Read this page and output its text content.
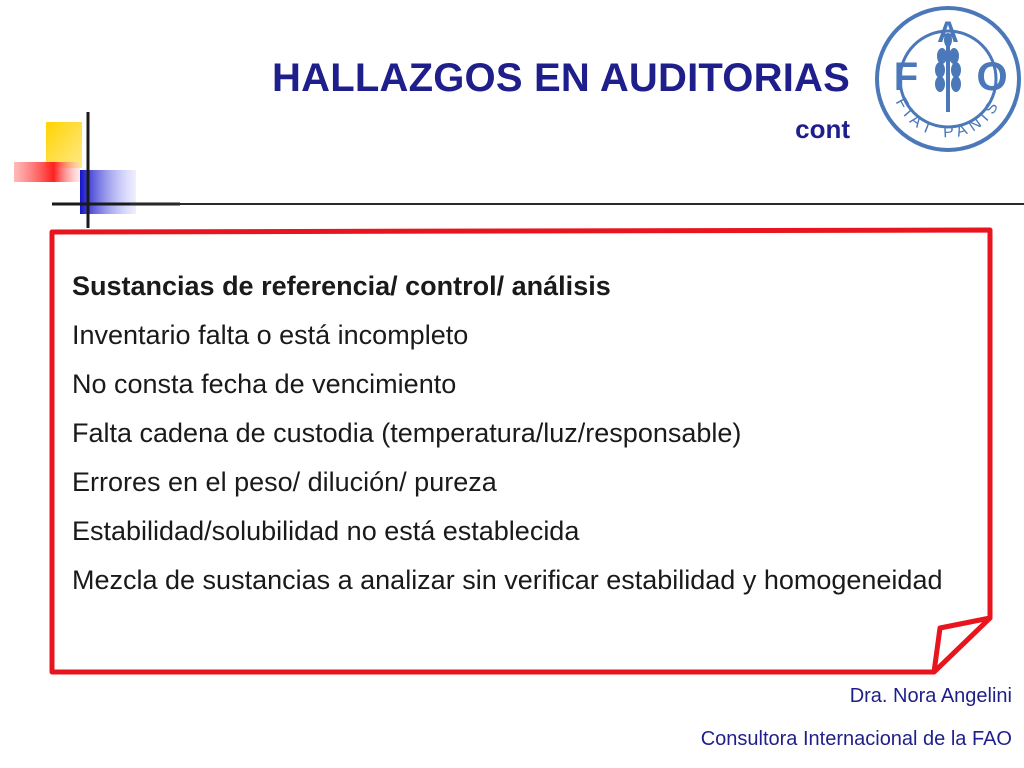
HALLAZGOS EN AUDITORIAS
cont
A
F O
FIAT PANIS
Sustancias de referencia/ control/ análisis
Inventario falta o está incompleto
No consta fecha de vencimiento
Falta cadena de custodia (temperatura/luz/responsable)
Errores en el peso/ dilución/ pureza
Estabilidad/solubilidad no está establecida
Mezcla de sustancias a analizar sin verificar estabilidad y homogeneidad
Dra. Nora Angelini
Consultora Internacional de la FAO
